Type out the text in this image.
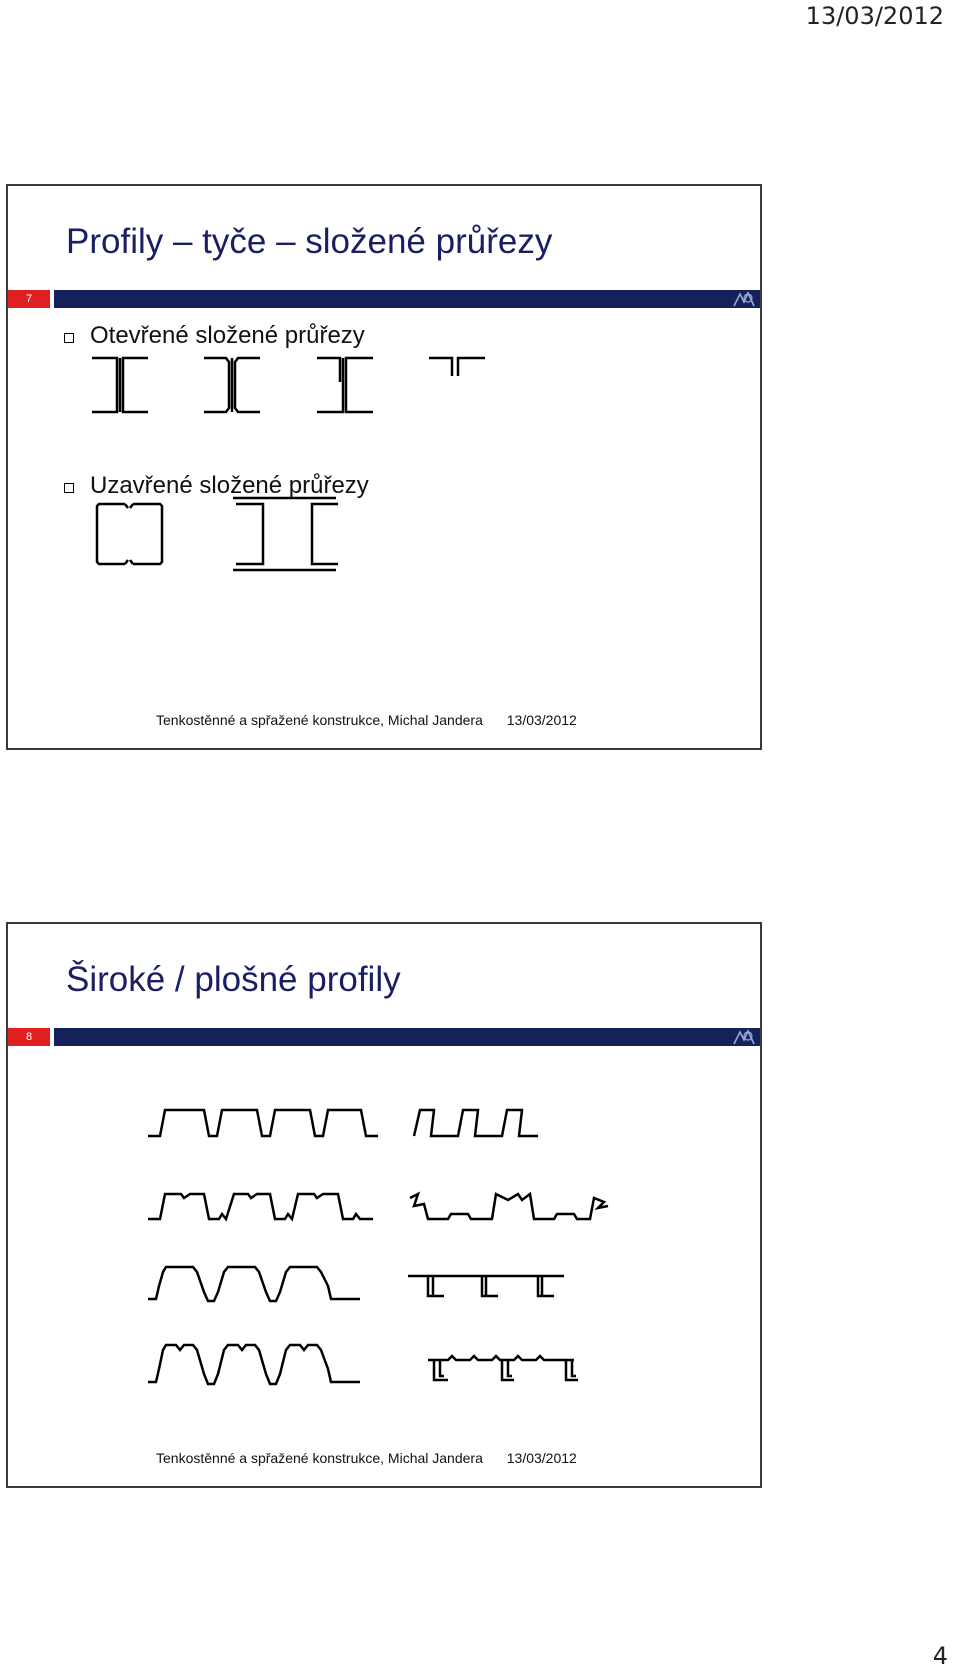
13/03/2012
Profily – tyče – složené průřezy
7
Otevřené složené průřezy
Uzavřené složené průřezy
Tenkostěnné a spřažené konstrukce, Michal Jandera 13/03/2012
Široké / plošné profily
8
Tenkostěnné a spřažené konstrukce, Michal Jandera 13/03/2012
4
